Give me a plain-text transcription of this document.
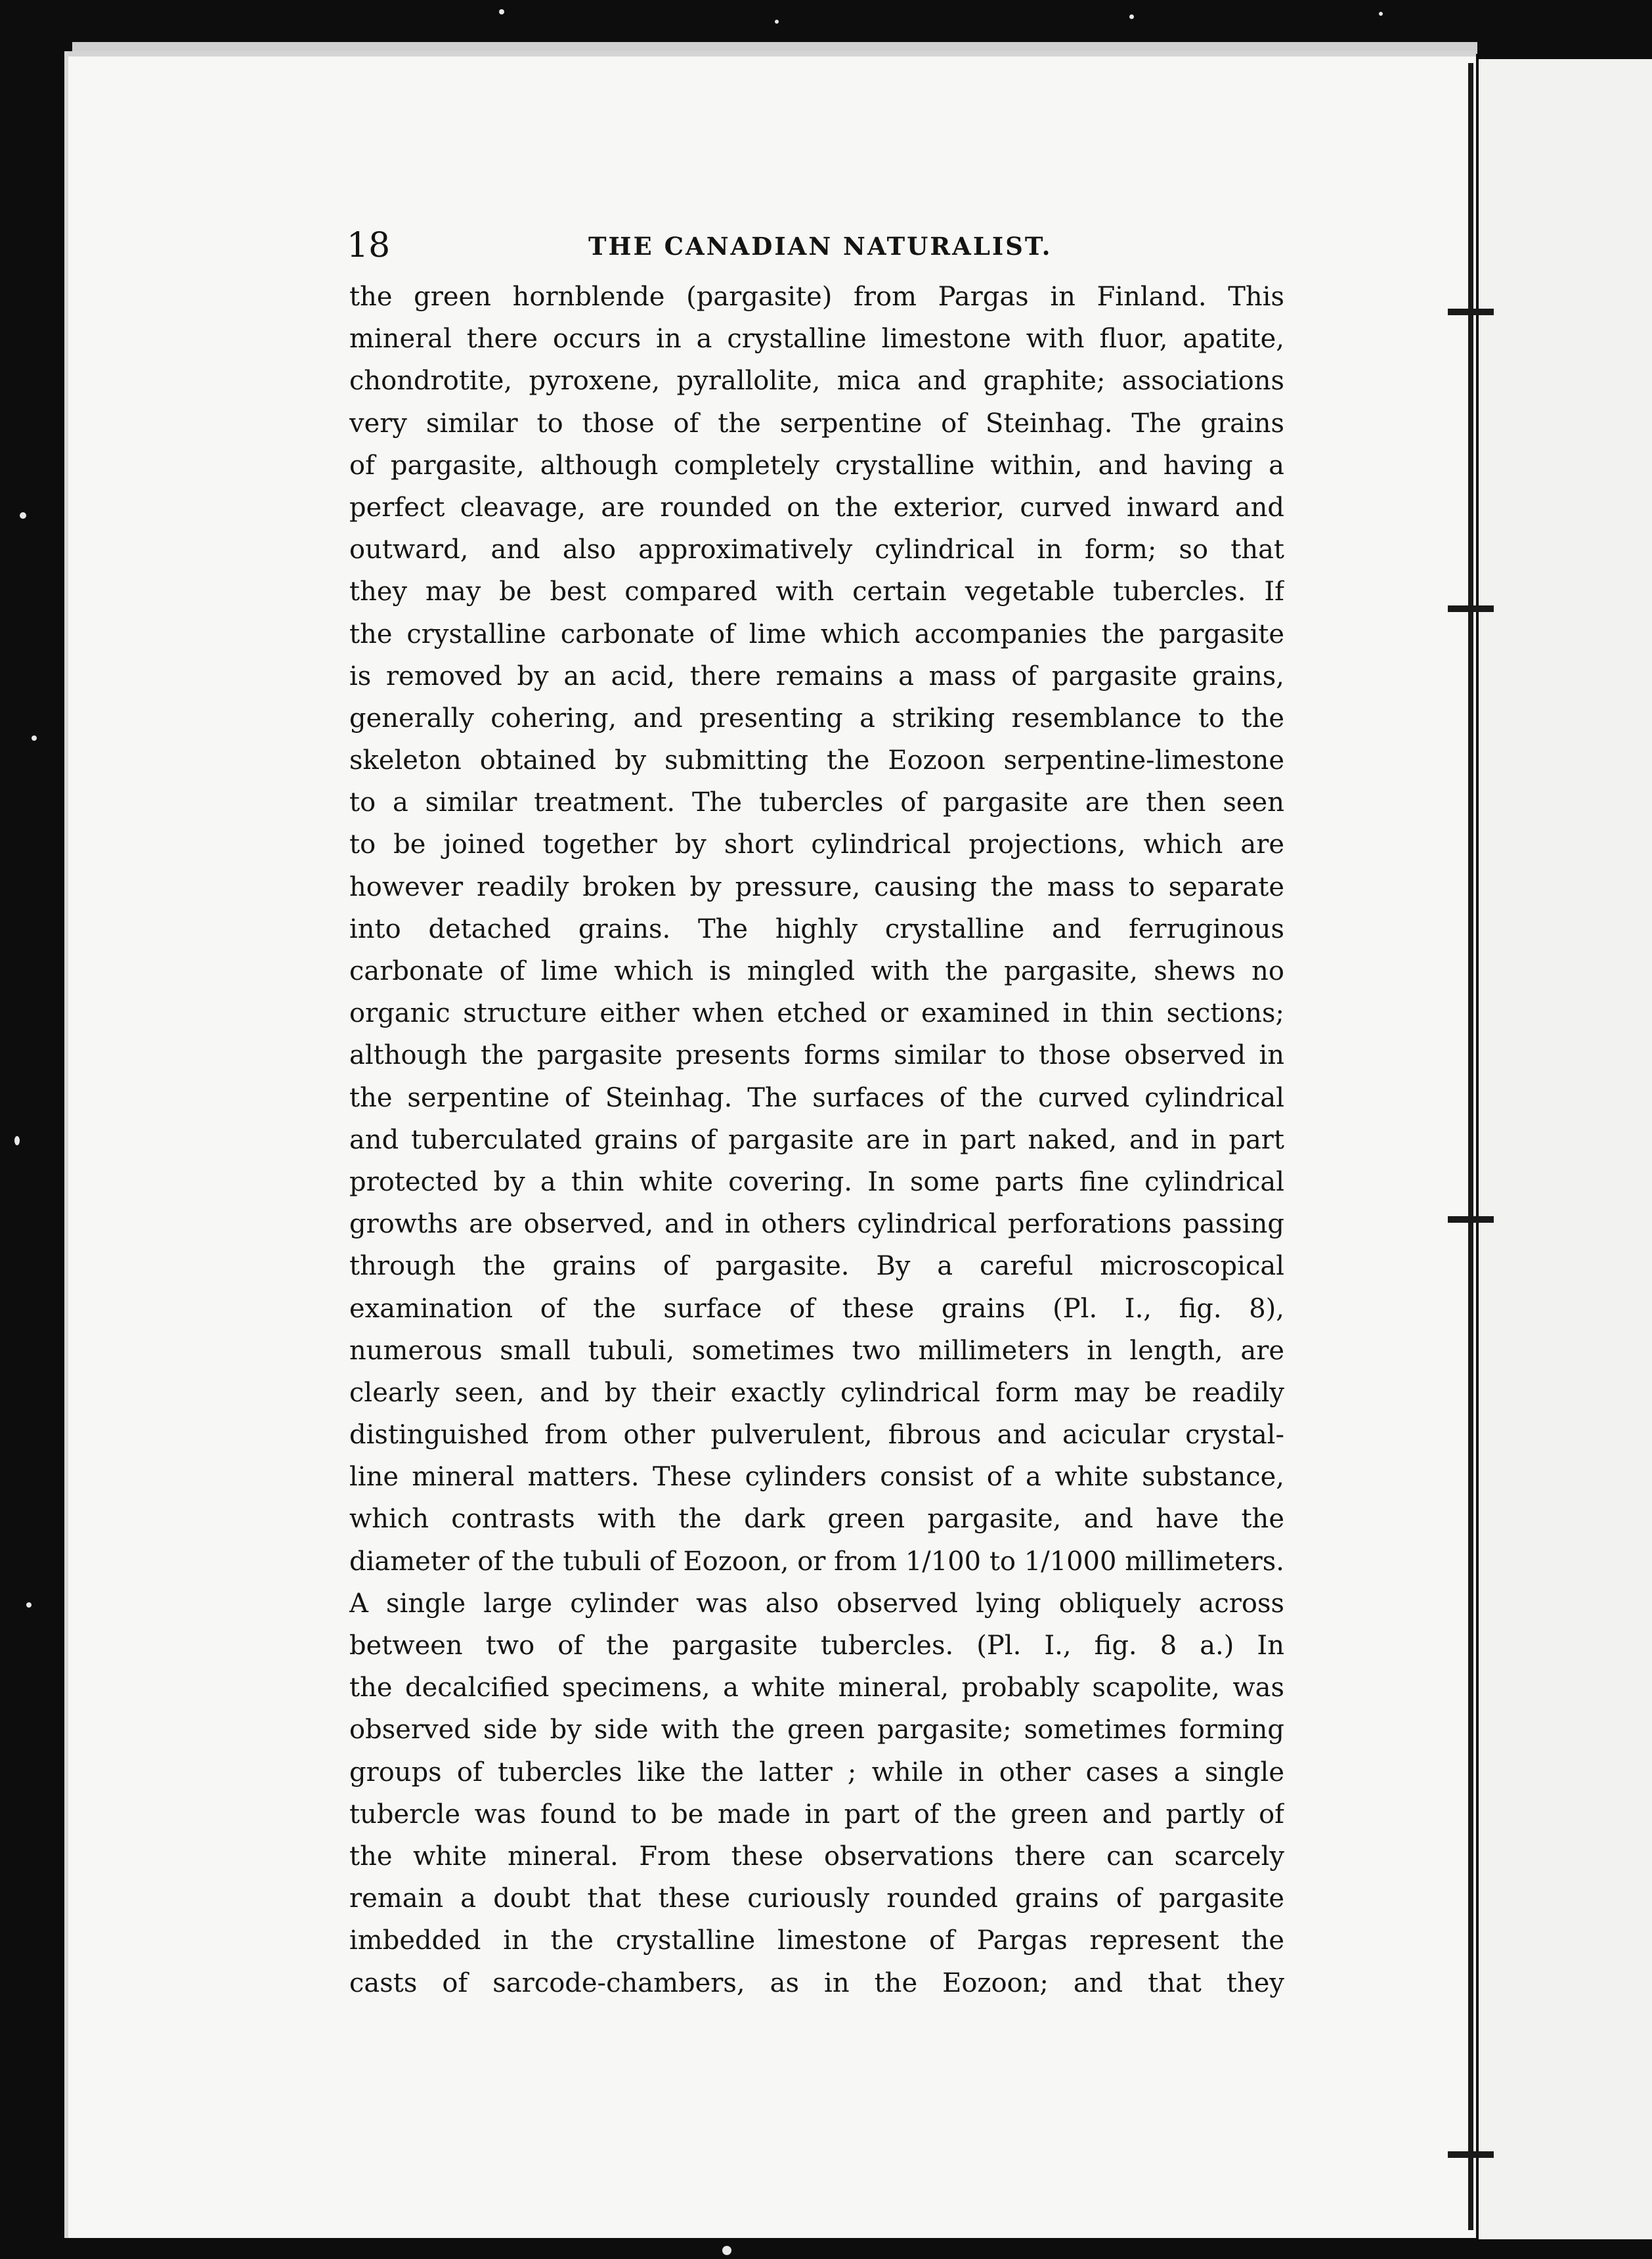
18	THE CANADIAN NATURALIST.
the green hornblende (pargasite) from Pargas in Finland. This
mineral there occurs in a crystalline limestone with fluor, apatite,
chondrotite, pyroxene, pyrallolite, mica and graphite; associations
very similar to those of the serpentine of Steinhag. The grains
of pargasite, although completely crystalline within, and having a
perfect cleavage, are rounded on the exterior, curved inward and
outward, and also approximatively cylindrical in form; so that
they may be best compared with certain vegetable tubercles. If
the crystalline carbonate of lime which accompanies the pargasite
is removed by an acid, there remains a mass of pargasite grains,
generally cohering, and presenting a striking resemblance to the
skeleton obtained by submitting the Eozoon serpentine-limestone
to a similar treatment. The tubercles of pargasite are then seen
to be joined together by short cylindrical projections, which are
however readily broken by pressure, causing the mass to separate
into detached grains. The highly crystalline and ferruginous
carbonate of lime which is mingled with the pargasite, shews no
organic structure either when etched or examined in thin sections;
although the pargasite presents forms similar to those observed in
the serpentine of Steinhag. The surfaces of the curved cylindrical
and tuberculated grains of pargasite are in part naked, and in part
protected by a thin white covering. In some parts fine cylindrical
growths are observed, and in others cylindrical perforations passing
through the grains of pargasite. By a careful microscopical
examination of the surface of these grains (Pl. I., fig. 8),
numerous small tubuli, sometimes two millimeters in length, are
clearly seen, and by their exactly cylindrical form may be readily
distinguished from other pulverulent, fibrous and acicular crystal-
line mineral matters. These cylinders consist of a white substance,
which contrasts with the dark green pargasite, and have the
diameter of the tubuli of Eozoon, or from 1/100 to 1/1000 millimeters.
A single large cylinder was also observed lying obliquely across
between two of the pargasite tubercles. (Pl. I., fig. 8 a.) In
the decalcified specimens, a white mineral, probably scapolite, was
observed side by side with the green pargasite; sometimes forming
groups of tubercles like the latter ; while in other cases a single
tubercle was found to be made in part of the green and partly of
the white mineral. From these observations there can scarcely
remain a doubt that these curiously rounded grains of pargasite
imbedded in the crystalline limestone of Pargas represent the
casts of sarcode-chambers, as in the Eozoon; and that they
